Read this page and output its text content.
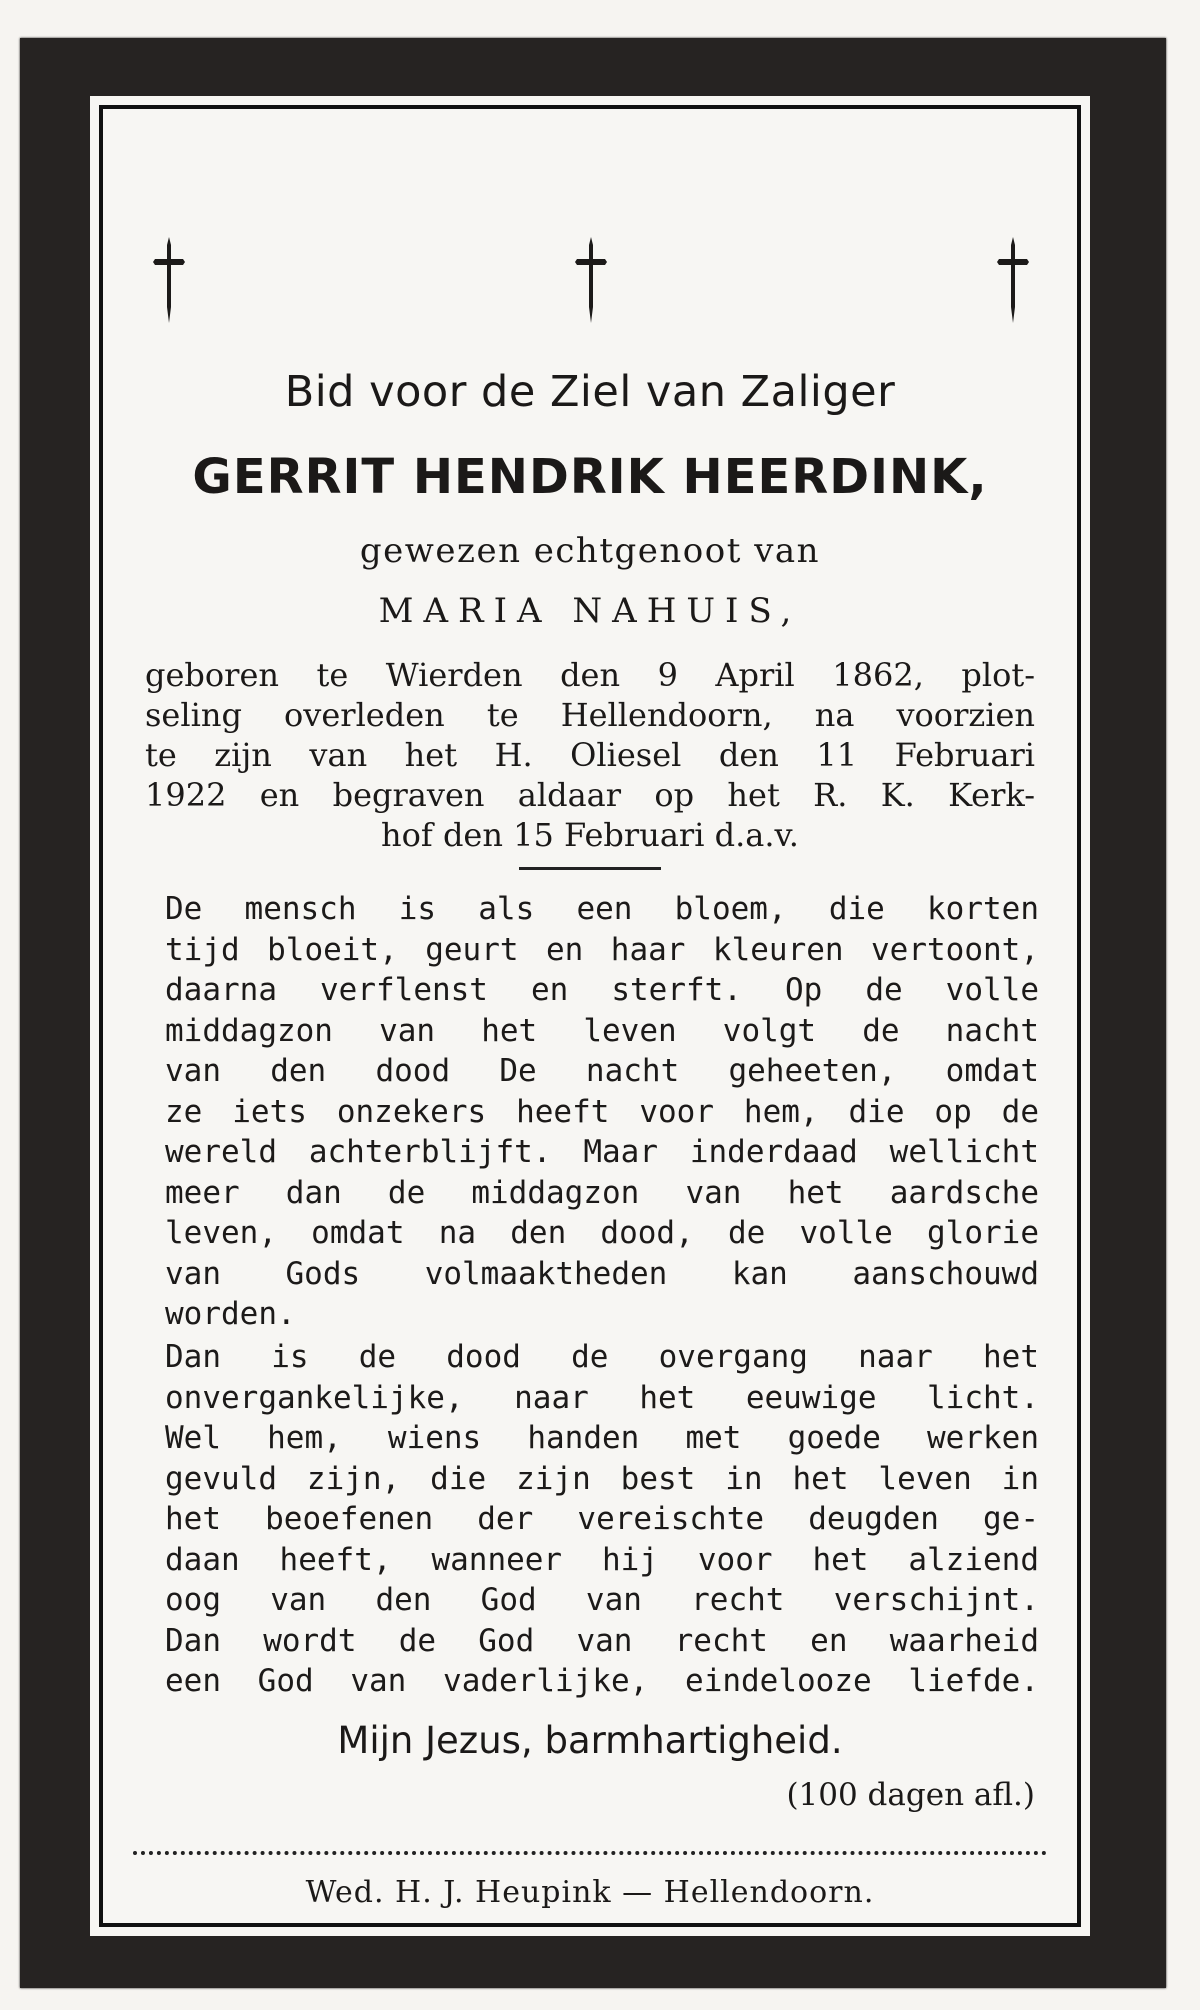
Bid voor de Ziel van Zaliger
GERRIT HENDRIK HEERDINK,
gewezen echtgenoot van
MARIA NAHUIS,
geboren te Wierden den 9 April 1862, plot-
seling overleden te Hellendoorn, na voorzien
te zijn van het H. Oliesel den 11 Februari
1922 en begraven aldaar op het R. K. Kerk-
hof den 15 Februari d.a.v.
De mensch is als een bloem, die korten
tijd bloeit, geurt en haar kleuren vertoont,
daarna verflenst en sterft. Op de volle
middagzon van het leven volgt de nacht
van den dood De nacht geheeten, omdat
ze iets onzekers heeft voor hem, die op de
wereld achterblijft. Maar inderdaad wellicht
meer dan de middagzon van het aardsche
leven, omdat na den dood, de volle glorie
van Gods volmaaktheden kan aanschouwd
worden.
Dan is de dood de overgang naar het
onvergankelijke, naar het eeuwige licht.
Wel hem, wiens handen met goede werken
gevuld zijn, die zijn best in het leven in
het beoefenen der vereischte deugden ge-
daan heeft, wanneer hij voor het alziend
oog van den God van recht verschijnt.
Dan wordt de God van recht en waarheid
een God van vaderlijke, eindelooze liefde.
Mijn Jezus, barmhartigheid.
(100 dagen afl.)
Wed. H. J. Heupink — Hellendoorn.
